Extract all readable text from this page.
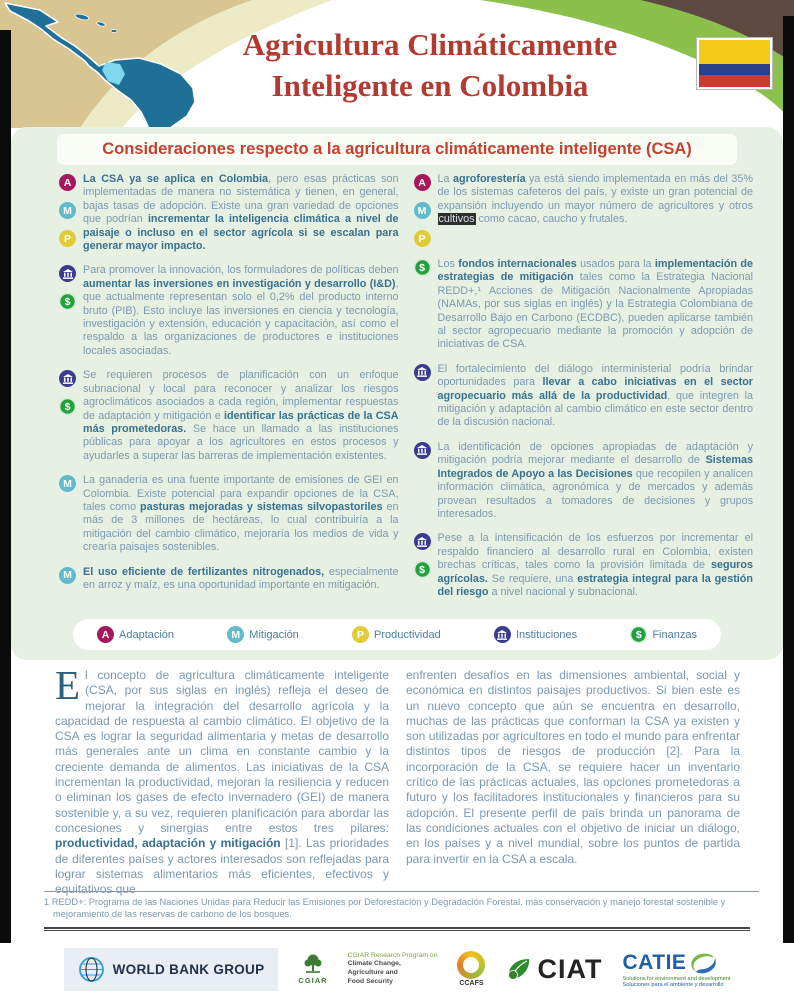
Agricultura Climáticamente
Inteligente en Colombia
Consideraciones respecto a la agricultura climáticamente inteligente (CSA)
A
M
P

La CSA ya se aplica en Colombia, pero esas prácticas son implementadas de manera no sistemática y tienen, en general, bajas tasas de adopción. Existe una gran variedad de opciones que podrían incrementar la inteligencia climática a nivel de paisaje o incluso en el sector agrícola si se escalan para generar mayor impacto.

$

Para promover la innovación, los formuladores de políticas deben aumentar las inversiones en investigación y desarrollo (I&D), que actualmente representan solo el 0,2% del producto interno bruto (PIB). Esto incluye las inversiones en ciencia y tecnología, investigación y extensión, educación y capacitación, así como el respaldo a las organizaciones de productores e instituciones locales asociadas.

$

Se requieren procesos de planificación con un enfoque subnacional y local para reconocer y analizar los riesgos agroclimáticos asociados a cada región, implementar respuestas de adaptación y mitigación e identificar las prácticas de la CSA más prometedoras. Se hace un llamado a las instituciones públicas para apoyar a los agricultores en estos procesos y ayudarles a superar las barreras de implementación existentes.

M	La ganadería es una fuente importante de emisiones de GEI en Colombia. Existe potencial para expandir opciones de la CSA, tales como pasturas mejoradas y sistemas silvopastoriles en más de 3 millones de hectáreas, lo cual contribuiría a la mitigación del cambio climático, mejoraría los medios de vida y crearía paisajes sostenibles.

M	El uso eficiente de fertilizantes nitrogenados, especialmente en arroz y maíz, es una oportunidad importante en mitigación.

A
M
P

La agroforestería ya está siendo implementada en más del 35% de los sistemas cafeteros del país, y existe un gran potencial de expansión incluyendo un mayor número de agricultores y otros cultivos como cacao, caucho y frutales.

$	Los fondos internacionales usados para la implementación de estrategias de mitigación tales como la Estrategia Nacional REDD+,¹ Acciones de Mitigación Nacionalmente Apropiadas (NAMAs, por sus siglas en inglés) y la Estrategia Colombiana de Desarrollo Bajo en Carbono (ECDBC), pueden aplicarse también al sector agropecuario mediante la promoción y adopción de iniciativas de CSA.

El fortalecimiento del diálogo interministerial podría brindar oportunidades para llevar a cabo iniciativas en el sector agropecuario más allá de la productividad, que integren la mitigación y adaptación al cambio climático en este sector dentro de la discusión nacional.

La identificación de opciones apropiadas de adaptación y mitigación podría mejorar mediante el desarrollo de Sistemas Integrados de Apoyo a las Decisiones que recopilen y analicen información climática, agronómica y de mercados y además provean resultados a tomadores de decisiones y grupos interesados.

$

Pese a la intensificación de los esfuerzos por incrementar el respaldo financiero al desarrollo rural en Colombia, existen brechas críticas, tales como la provisión limitada de seguros agrícolas. Se requiere, una estrategia integral para la gestión del riesgo a nivel nacional y subnacional.

A Adaptación	M Mitigación	P Productividad	Instituciones	$ Finanzas

El concepto de agricultura climáticamente inteligente (CSA, por sus siglas en inglés) refleja el deseo de mejorar la integración del desarrollo agrícola y la capacidad de respuesta al cambio climático. El objetivo de la CSA es lograr la seguridad alimentaria y metas de desarrollo más generales ante un clima en constante cambio y la creciente demanda de alimentos. Las iniciativas de la CSA incrementan la productividad, mejoran la resiliencia y reducen o eliminan los gases de efecto invernadero (GEI) de manera sostenible y, a su vez, requieren planificación para abordar las concesiones y sinergias entre estos tres pilares: productividad, adaptación y mitigación [1]. Las prioridades de diferentes países y actores interesados son reflejadas para lograr sistemas alimentarios más eficientes, efectivos y equitativos que

enfrenten desafíos en las dimensiones ambiental, social y económica en distintos paisajes productivos. Si bien este es un nuevo concepto que aún se encuentra en desarrollo, muchas de las prácticas que conforman la CSA ya existen y son utilizadas por agricultores en todo el mundo para enfrentar distintos tipos de riesgos de producción [2]. Para la incorporación de la CSA, se requiere hacer un inventario crítico de las prácticas actuales, las opciones prometedoras a futuro y los facilitadores institucionales y financieros para su adopción. El presente perfil de país brinda un panorama de las condiciones actuales con el objetivo de iniciar un diálogo, en los países y a nivel mundial, sobre los puntos de partida para invertir en la CSA a escala.

1 REDD+: Programa de las Naciones Unidas para Reducir las Emisiones por Deforestación y Degradación Forestal, más conservación y manejo forestal sostenible y mejoramiento de las reservas de carbono de los bosques.
WORLD BANK GROUP
CGIAR
CGIAR Research Program on
Climate Change,
Agriculture and
Food Security	CCAFS CIAT CATIE
Solutions for environment and development
Soluciones para el ambiente y desarrollo
